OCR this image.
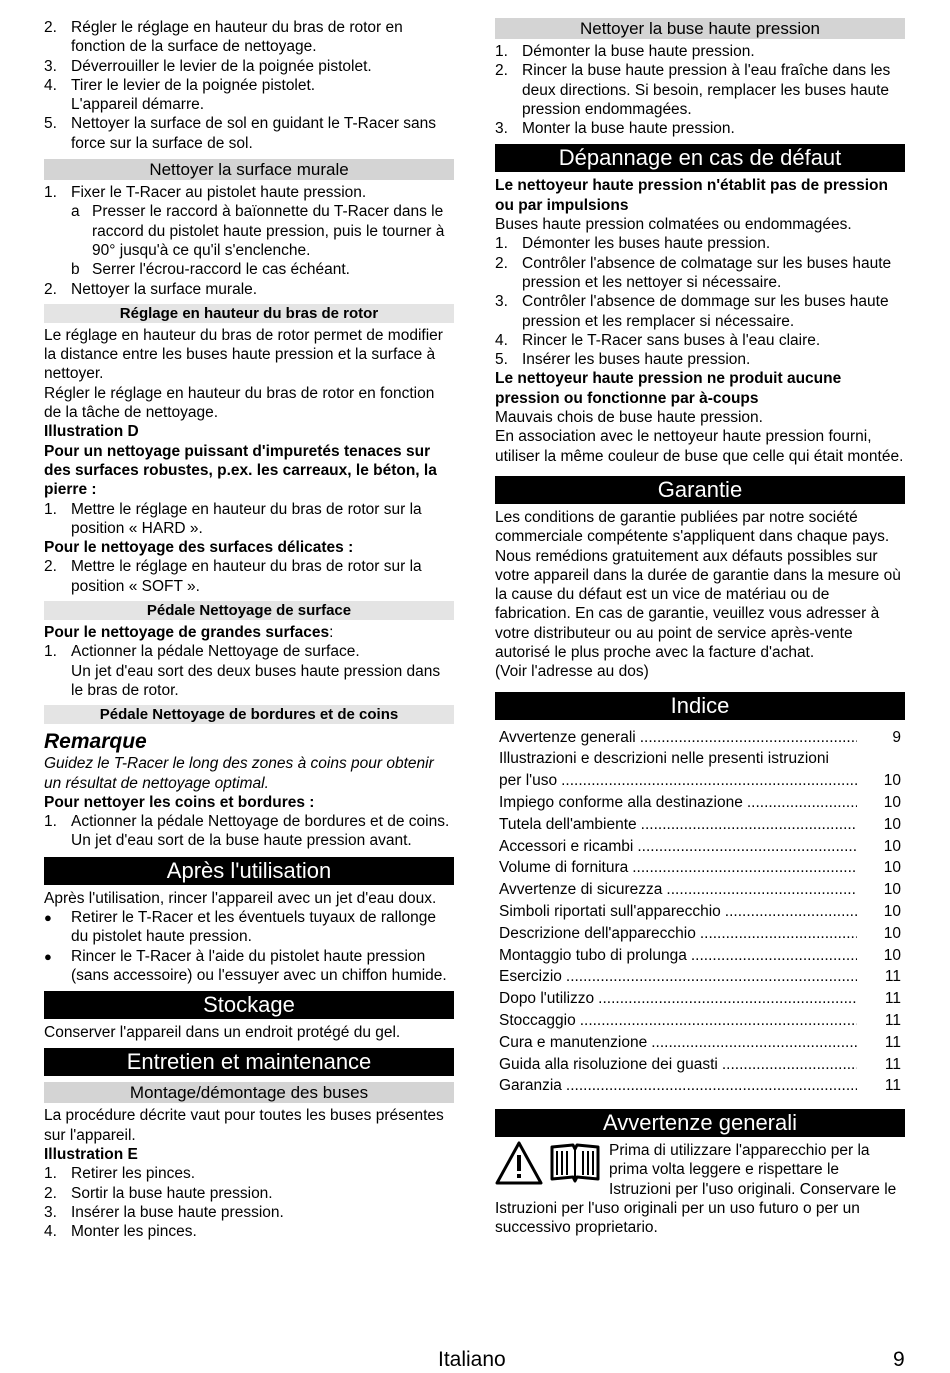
2. Régler le réglage en hauteur du bras de rotor en fonction de la surface de nettoyage.
3. Déverrouiller le levier de la poignée pistolet.
4. Tirer le levier de la poignée pistolet.
L'appareil démarre.
5. Nettoyer la surface de sol en guidant le T-Racer sans force sur la surface de sol.
Nettoyer la surface murale
1. Fixer le T-Racer au pistolet haute pression.
a Presser le raccord à baïonnette du T-Racer dans le raccord du pistolet haute pression, puis le tourner à 90° jusqu'à ce qu'il s'enclenche.
b Serrer l'écrou-raccord le cas échéant.
2. Nettoyer la surface murale.
Réglage en hauteur du bras de rotor

Le réglage en hauteur du bras de rotor permet de modifier la distance entre les buses haute pression et la surface à nettoyer.

Régler le réglage en hauteur du bras de rotor en fonction de la tâche de nettoyage.

Illustration D

Pour un nettoyage puissant d'impuretés tenaces sur des surfaces robustes, p.ex. les carreaux, le béton, la pierre :

1. Mettre le réglage en hauteur du bras de rotor sur la position « HARD ».

Pour le nettoyage des surfaces délicates :

2. Mettre le réglage en hauteur du bras de rotor sur la position « SOFT ».
Pédale Nettoyage de surface

Pour le nettoyage de grandes surfaces:

1. Actionner la pédale Nettoyage de surface.
Un jet d'eau sort des deux buses haute pression dans le bras de rotor.
Pédale Nettoyage de bordures et de coins
Remarque

Guidez le T-Racer le long des zones à coins pour obtenir un résultat de nettoyage optimal.

Pour nettoyer les coins et bordures :

1. Actionner la pédale Nettoyage de bordures et de coins.
Un jet d'eau sort de la buse haute pression avant.
Après l'utilisation

Après l'utilisation, rincer l'appareil avec un jet d'eau doux.

●	Retirer le T-Racer et les éventuels tuyaux de rallonge du pistolet haute pression.
●	Rincer le T-Racer à l'aide du pistolet haute pression (sans accessoire) ou l'essuyer avec un chiffon humide.
Stockage

Conserver l'appareil dans un endroit protégé du gel.

Entretien et maintenance
Montage/démontage des buses

La procédure décrite vaut pour toutes les buses présentes sur l'appareil.

Illustration E

1. Retirer les pinces.
2. Sortir la buse haute pression.
3. Insérer la buse haute pression.
4. Monter les pinces.
Nettoyer la buse haute pression
1. Démonter la buse haute pression.
2. Rincer la buse haute pression à l'eau fraîche dans les deux directions. Si besoin, remplacer les buses haute pression endommagées.
3. Monter la buse haute pression.
Dépannage en cas de défaut

Le nettoyeur haute pression n'établit pas de pression ou par impulsions

Buses haute pression colmatées ou endommagées.

1. Démonter les buses haute pression.
2. Contrôler l'absence de colmatage sur les buses haute pression et les nettoyer si nécessaire.
3. Contrôler l'absence de dommage sur les buses haute pression et les remplacer si nécessaire.
4. Rincer le T-Racer sans buses à l'eau claire.
5. Insérer les buses haute pression.

Le nettoyeur haute pression ne produit aucune pression ou fonctionne par à-coups

Mauvais chois de buse haute pression.

En association avec le nettoyeur haute pression fourni, utiliser la même couleur de buse que celle qui était montée.

Garantie

Les conditions de garantie publiées par notre société commerciale compétente s'appliquent dans chaque pays. Nous remédions gratuitement aux défauts possibles sur votre appareil dans la durée de garantie dans la mesure où la cause du défaut est un vice de matériau ou de fabrication. En cas de garantie, veuillez vous adresser à votre distributeur ou au point de service après-vente autorisé le plus proche avec la facture d'achat.

(Voir l'adresse au dos)

Indice
Avvertenze generali .....	9
Illustrazioni e descrizioni nelle presenti istruzioni
per l'uso .....	10
Impiego conforme alla destinazione .....	10
Tutela dell'ambiente .....	10
Accessori e ricambi .....	10
Volume di fornitura .....	10
Avvertenze di sicurezza .....	10
Simboli riportati sull'apparecchio .....	10
Descrizione dell'apparecchio .....	10
Montaggio tubo di prolunga .....	10
Esercizio .....	11
Dopo l'utilizzo .....	11
Stoccaggio .....	11
Cura e manutenzione .....	11
Guida alla risoluzione dei guasti .....	11
Garanzia .....	11
Avvertenze generali

Prima di utilizzare l'apparecchio per la prima volta leggere e rispettare le Istruzioni per l'uso originali. Conservare le

Istruzioni per l'uso originali per un uso futuro o per un successivo proprietario.

Italiano	9
